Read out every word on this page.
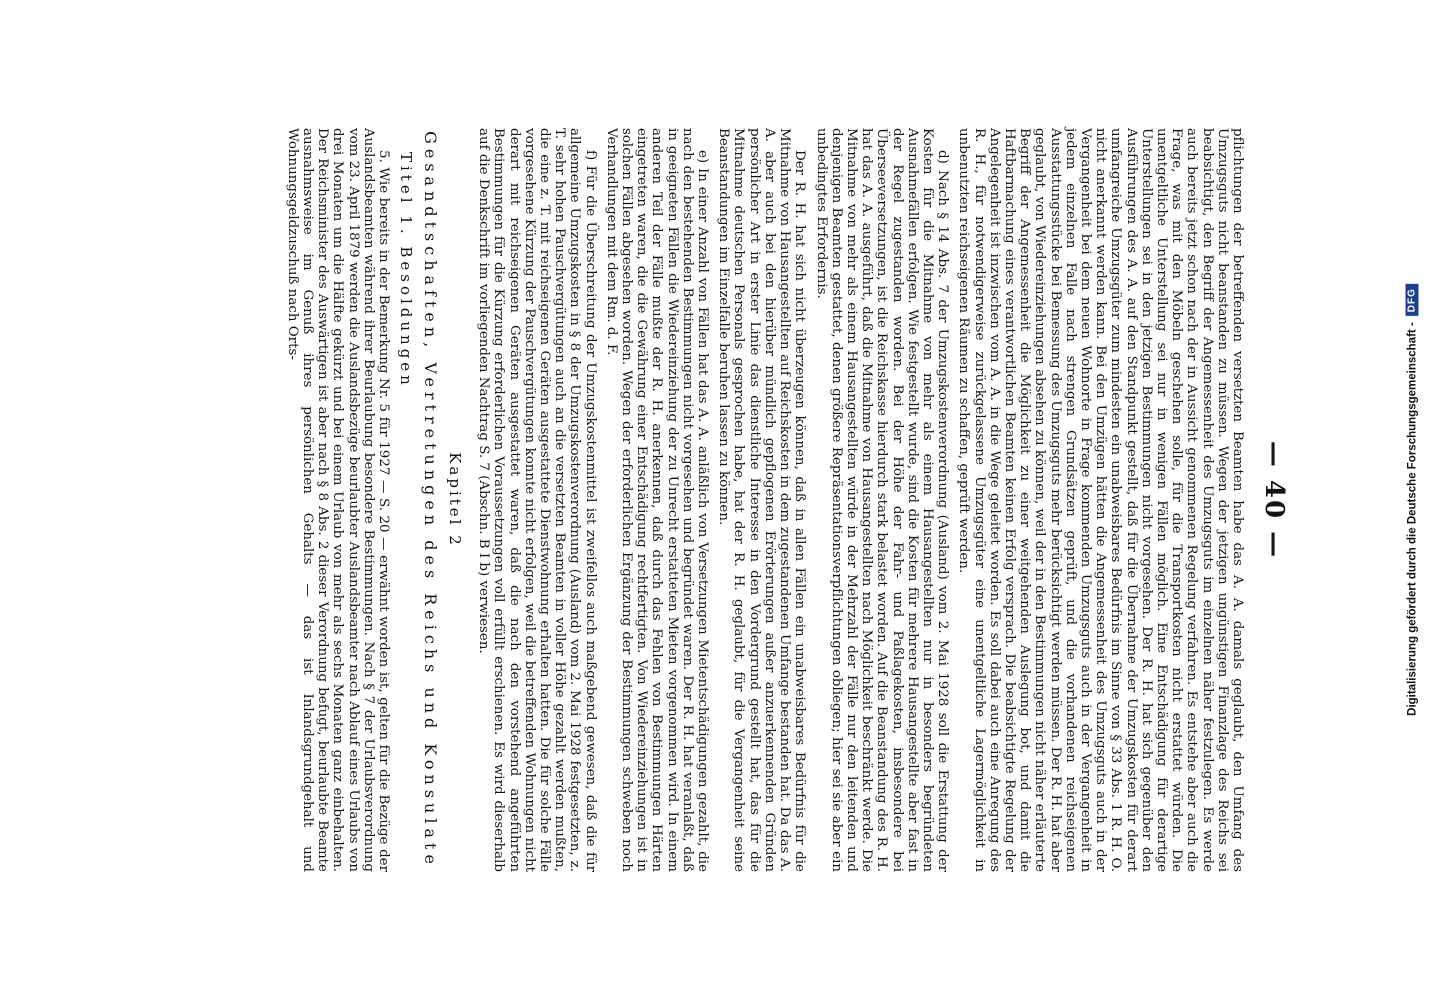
— 40 —

pflichtungen der betreffenden versetzten Beamten habe das A. A. damals geglaubt, den Umfang des Umzugsguts nicht beanstanden zu müssen. Wegen der jetzigen ungünstigen Finanzlage des Reichs sei beabsichtigt, den Begriff der Angemessenheit des Umzugsguts im einzelnen näher festzulegen. Es werde auch bereits jetzt schon nach der in Aussicht genommenen Regelung verfahren. Es entstehe aber auch die Frage, was mit den Möbeln geschehen solle, für die Transportkosten nicht erstattet würden. Die unentgeltliche Unterstellung sei nur in wenigen Fällen möglich. Eine Entschädigung für derartige Unterstellungen sei in den jetzigen Bestimmungen nicht vorgesehen. Der R. H. hat sich gegenüber den Ausführungen des A. A. auf den Standpunkt gestellt, daß für die Übernahme der Umzugskosten für derart umfangreiche Umzugsgüter zum mindesten ein unabweisbares Bedürfnis im Sinne von § 33 Abs. 1 R. H. O. nicht anerkannt werden kann. Bei den Umzügen hätten die Angemessenheit des Umzugsguts auch in der Vergangenheit bei dem neuen Wohnorte in Frage kommenden Umzugsguts auch in der Vergangenheit in jedem einzelnen Falle nach strengen Grundsätzen geprüft, und die vorhandenen reichseigenen Ausstattungsstücke bei Bemessung des Umzugsguts mehr berücksichtigt werden müssen. Der R. H. hat aber geglaubt, von Wiedereinziehungen absehen zu können, weil der in den Bestimmungen nicht näher erläuterte Begriff der Angemessenheit die Möglichkeit zu einer weitgehenden Auslegung bot, und damit die Haftbarmachung eines verantwortlichen Beamten keinen Erfolg versprach. Die beabsichtigte Regelung der Angelegenheit ist inzwischen vom A. A. in die Wege geleitet worden. Es soll dabei auch eine Anregung des R. H., für notwendigerweise zurückgelassene Umzugsgüter eine unentgeltliche Lagermöglichkeit in unbenutzten reichseigenen Räumen zu schaffen, geprüft werden.

d) Nach § 14 Abs. 7 der Umzugskostenverordnung (Ausland) vom 2. Mai 1928 soll die Erstattung der Kosten für die Mitnahme von mehr als einem Hausangestellten nur in besonders begründeten Ausnahmefällen erfolgen. Wie festgestellt wurde, sind die Kosten für mehrere Hausangestellte aber fast in der Regel zugestanden worden. Bei der Höhe der Fahr- und Paßlagekosten, insbesondere bei Überseeversetzungen, ist die Reichskasse hierdurch stark belastet worden. Auf die Beanstandung des R. H. hat das A. A. ausgeführt, daß die Mitnahme von Hausangestellten nach Möglichkeit beschränkt werde. Die Mitnahme von mehr als einem Hausangestellten würde in der Mehrzahl der Fälle nur den leitenden und denjenigen Beamten gestattet, denen größere Repräsentationsverpflichtungen obliegen; hier sei sie aber ein unbedingtes Erfordernis.

Der R. H. hat sich nicht überzeugen können, daß in allen Fällen ein unabweisbares Bedürfnis für die Mitnahme von Hausangestellten auf Reichskosten in dem zugestandenen Umfange bestanden hat. Da das A. A. aber auch bei den hierüber mündlich gepflogenen Erörterungen außer anzuerkennenden Gründen persönlicher Art in erster Linie das dienstliche Interesse in den Vordergrund gestellt hat, das für die Mitnahme deutschen Personals gesprochen habe, hat der R. H. geglaubt, für die Vergangenheit seine Beanstandungen im Einzelfalle beruhen lassen zu können.

e) In einer Anzahl von Fällen hat das A. A. anläßlich von Versetzungen Mietentschädigungen gezahlt, die nach den bestehenden Bestimmungen nicht vorgesehen und begründet waren. Der R. H. hat veranlaßt, daß in geeigneten Fällen die Wiedereinziehung der zu Unrecht erstatteten Mieten vorgenommen wird. In einem anderen Teil der Fälle mußte der R. H. anerkennen, daß durch das Fehlen von Bestimmungen Härten eingetreten waren, die die Gewährung einer Entschädigung rechtfertigten. Von Wiedereinziehungen ist in solchen Fällen abgesehen worden. Wegen der erforderlichen Ergänzung der Bestimmungen schweben noch Verhandlungen mit dem Rm. d. F.

f) Für die Überschreitung der Umzugskostenmittel ist zweifellos auch maßgebend gewesen, daß die für allgemeine Umzugskosten in § 8 der Umzugskostenverordnung (Ausland) vom 2. Mai 1928 festgesetzten, z. T. sehr hohen Pauschvergütungen auch an die versetzten Beamten in voller Höhe gezahlt werden mußten, die eine z. T. mit reichseigenen Geräten ausgestattete Dienstwohnung erhalten hatten. Die für solche Fälle vorgesehene Kürzung der Pauschvergütungen konnte nicht erfolgen, weil die betreffenden Wohnungen nicht derart mit reichseigenen Geräten ausgestattet waren, daß die nach den vorstehend angeführten Bestimmungen für die Kürzung erforderlichen Voraussetzungen voll erfüllt erschienen. Es wird dieserhalb auf die Denkschrift im vorliegenden Nachtrag S. 7 (Abschn. B I b) verwiesen.

Kapitel 2
Gesandtschaften, Vertretungen des Reichs und Konsulate
Titel 1. Besoldungen

5. Wie bereits in der Bemerkung Nr. 5 für 1927 — S. 20 — erwähnt worden ist, gelten für die Bezüge der Auslandsbeamten während ihrer Beurlaubung besondere Bestimmungen. Nach § 7 der Urlaubsverordnung vom 23. April 1879 werden die Auslandsbezüge beurlaubter Auslandsbeamter nach Ablauf eines Urlaubs von drei Monaten um die Hälfte gekürzt und bei einem Urlaub von mehr als sechs Monaten ganz einbehalten. Der Reichsminister des Auswärtigen ist aber nach § 8 Abs. 2 dieser Verordnung befugt, beurlaubte Beamte ausnahmsweise im Genuß ihres persönlichen Gehalts — das ist Inlandsgrundgehalt und Wohnungsgeldzuschuß nach Orts-

Digitalisierung gefördert durch die Deutsche Forschungsgemeinschaft -
DFG
